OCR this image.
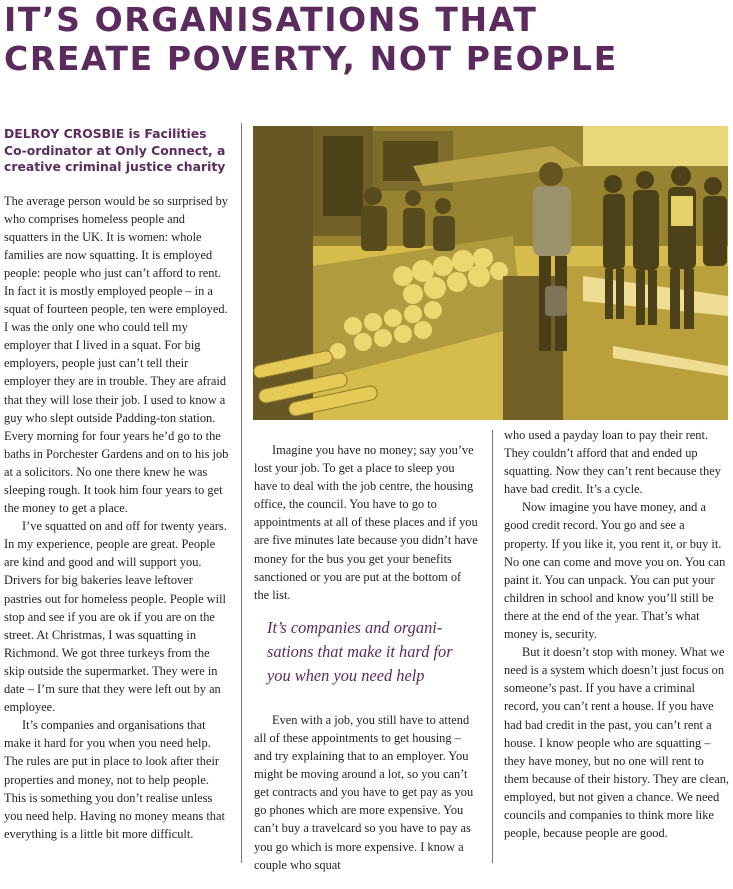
IT’S ORGANISATIONS THAT
CREATE POVERTY, NOT PEOPLE

DELROY CROSBIE is Facilities Co-ordinator at Only Connect, a creative criminal justice charity

The average person would be so surprised by who comprises homeless people and squatters in the UK. It is women: whole families are now squatting. It is employed people: people who just can’t afford to rent. In fact it is mostly employed people – in a squat of fourteen people, ten were employed. I was the only one who could tell my employer that I lived in a squat. For big employers, people just can’t tell their employer they are in trouble. They are afraid that they will lose their job. I used to know a guy who slept outside Padding-ton station. Every morning for four years he’d go to the baths in Porchester Gardens and on to his job at a solicitors. No one there knew he was sleeping rough. It took him four years to get the money to get a place.

I’ve squatted on and off for twenty years. In my experience, people are great. People are kind and good and will support you. Drivers for big bakeries leave leftover pastries out for homeless people. People will stop and see if you are ok if you are on the street. At Christmas, I was squatting in Richmond. We got three turkeys from the skip outside the supermarket. They were in date – I’m sure that they were left out by an employee.

It’s companies and organisations that make it hard for you when you need help. The rules are put in place to look after their properties and money, not to help people. This is something you don’t realise unless you need help. Having no money means that everything is a little bit more difficult.

Imagine you have no money; say you’ve lost your job. To get a place to sleep you have to deal with the job centre, the housing office, the council. You have to go to appointments at all of these places and if you are five minutes late because you didn’t have money for the bus you get your benefits sanctioned or you are put at the bottom of the list.

It’s companies and organi-sations that make it hard for you when you need help

Even with a job, you still have to attend all of these appointments to get housing – and try explaining that to an employer. You might be moving around a lot, so you can’t get contracts and you have to get pay as you go phones which are more expensive. You can’t buy a travelcard so you have to pay as you go which is more expensive. I know a couple who squat

who used a payday loan to pay their rent. They couldn’t afford that and ended up squatting. Now they can’t rent because they have bad credit. It’s a cycle.

Now imagine you have money, and a good credit record. You go and see a property. If you like it, you rent it, or buy it. No one can come and move you on. You can paint it. You can unpack. You can put your children in school and know you’ll still be there at the end of the year. That’s what money is, security.

But it doesn’t stop with money. What we need is a system which doesn’t just focus on someone’s past. If you have a criminal record, you can’t rent a house. If you have had bad credit in the past, you can’t rent a house. I know people who are squatting – they have money, but no one will rent to them because of their history. They are clean, employed, but not given a chance. We need councils and companies to think more like people, because people are good.
